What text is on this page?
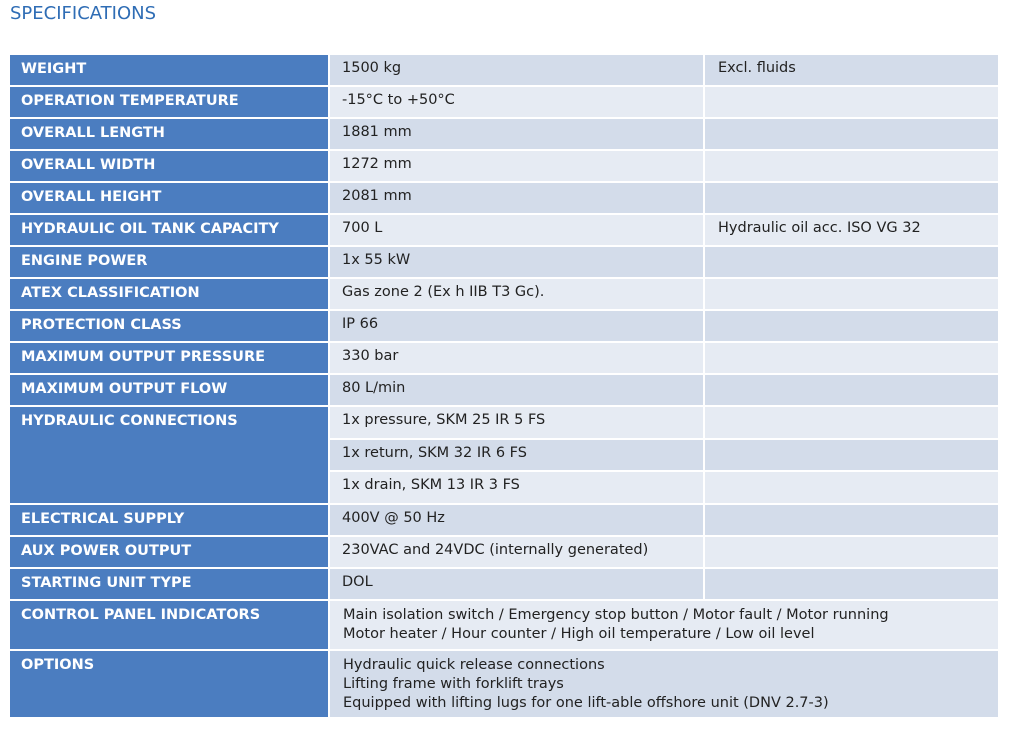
SPECIFICATIONS
WEIGHT	1500 kg	Excl. fluids
OPERATION TEMPERATURE	-15°C to +50°C
OVERALL LENGTH	1881 mm
OVERALL WIDTH	1272 mm
OVERALL HEIGHT	2081 mm
HYDRAULIC OIL TANK CAPACITY	700 L	Hydraulic oil acc. ISO VG 32
ENGINE POWER	1x 55 kW
ATEX CLASSIFICATION	Gas zone 2 (Ex h IIB T3 Gc).
PROTECTION CLASS	IP 66
MAXIMUM OUTPUT PRESSURE	330 bar
MAXIMUM OUTPUT FLOW	80 L/min
HYDRAULIC CONNECTIONS	1x pressure, SKM 25 IR 5 FS
1x return, SKM 32 IR 6 FS
1x drain, SKM 13 IR 3 FS
ELECTRICAL SUPPLY	400V @ 50 Hz
AUX POWER OUTPUT	230VAC and 24VDC (internally generated)
STARTING UNIT TYPE	DOL
CONTROL PANEL INDICATORS	Main isolation switch / Emergency stop button / Motor fault / Motor running
Motor heater / Hour counter / High oil temperature / Low oil level
OPTIONS	Hydraulic quick release connections
Lifting frame with forklift trays
Equipped with lifting lugs for one lift-able offshore unit (DNV 2.7-3)
